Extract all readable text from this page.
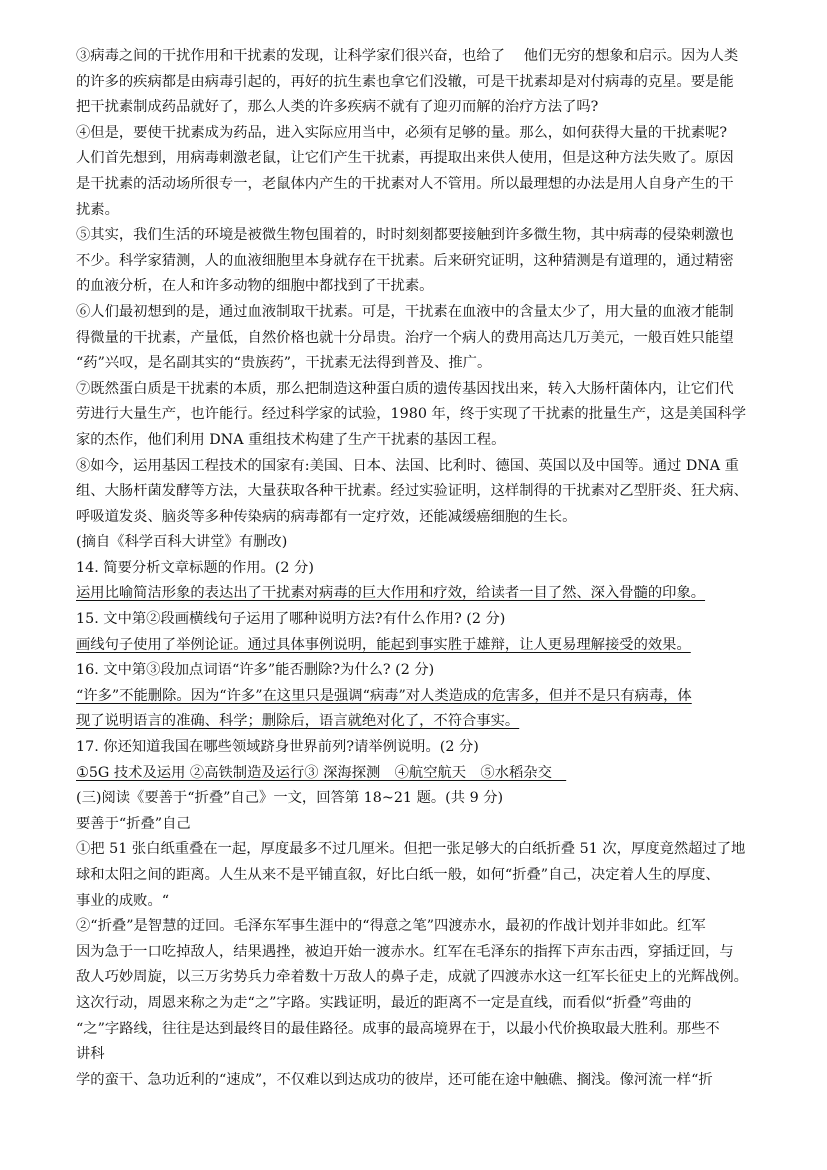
③病毒之间的干扰作用和干扰素的发现，让科学家们很兴奋，也给了　 他们无穷的想象和启示。因为人类
的许多的疾病都是由病毒引起的，再好的抗生素也拿它们没辙，可是干扰素却是对付病毒的克星。要是能
把干扰素制成药品就好了，那么人类的许多疾病不就有了迎刃而解的治疗方法了吗?
④但是，要使干扰素成为药品，进入实际应用当中，必须有足够的量。那么，如何获得大量的干扰素呢?
人们首先想到，用病毒刺激老鼠，让它们产生干扰素，再提取出来供人使用，但是这种方法失败了。原因
是干扰素的活动场所很专一，老鼠体内产生的干扰素对人不管用。所以最理想的办法是用人自身产生的干
扰素。
⑤其实，我们生活的环境是被微生物包围着的，时时刻刻都要接触到许多微生物，其中病毒的侵染刺激也
不少。科学家猜测，人的血液细胞里本身就存在干扰素。后来研究证明，这种猜测是有道理的，通过精密
的血液分析，在人和许多动物的细胞中都找到了干扰素。
⑥人们最初想到的是，通过血液制取干扰素。可是，干扰素在血液中的含量太少了，用大量的血液才能制
得微量的干扰素，产量低，自然价格也就十分昂贵。治疗一个病人的费用高达几万美元，一般百姓只能望
“药”兴叹，是名副其实的“贵族药”，干扰素无法得到普及、推广。
⑦既然蛋白质是干扰素的本质，那么把制造这种蛋白质的遗传基因找出来，转入大肠杆菌体内，让它们代
劳进行大量生产，也许能行。经过科学家的试验，1980 年，终于实现了干扰素的批量生产，这是美国科学
家的杰作，他们利用 DNA 重组技术构建了生产干扰素的基因工程。
⑧如今，运用基因工程技术的国家有:美国、日本、法国、比利时、德国、英国以及中国等。通过 DNA 重
组、大肠杆菌发酵等方法，大量获取各种干扰素。经过实验证明，这样制得的干扰素对乙型肝炎、狂犬病、
呼吸道发炎、脑炎等多种传染病的病毒都有一定疗效，还能减缓癌细胞的生长。
(摘自《科学百科大讲堂》有删改)
14. 简要分析文章标题的作用。(2 分)
运用比喻简洁形象的表达出了干扰素对病毒的巨大作用和疗效，给读者一目了然、深入骨髓的印象。
15. 文中第②段画横线句子运用了哪种说明方法?有什么作用? (2 分)
画线句子使用了举例论证。通过具体事例说明，能起到事实胜于雄辩，让人更易理解接受的效果。
16. 文中第③段加点词语“许多”能否删除?为什么? (2 分)
“许多”不能删除。因为“许多”在这里只是强调“病毒”对人类造成的危害多，但并不是只有病毒，体
现了说明语言的准确、科学；删除后，语言就绝对化了，不符合事实。
17. 你还知道我国在哪些领域跻身世界前列?请举例说明。(2 分)
①5G 技术及运用 ②高铁制造及运行③ 深海探测　④航空航天　⑤水稻杂交　
(三)阅读《要善于“折叠”自己》一文，回答第 18~21 题。(共 9 分)
要善于“折叠”自己
①把 51 张白纸重叠在一起，厚度最多不过几厘米。但把一张足够大的白纸折叠 51 次，厚度竟然超过了地
球和太阳之间的距离。人生从来不是平铺直叙，好比白纸一般，如何“折叠”自己，决定着人生的厚度、
事业的成败。“
②“折叠”是智慧的迂回。毛泽东军事生涯中的“得意之笔”四渡赤水，最初的作战计划并非如此。红军
因为急于一口吃掉敌人，结果遇挫，被迫开始一渡赤水。红军在毛泽东的指挥下声东击西，穿插迂回，与
敌人巧妙周旋，以三万劣势兵力牵着数十万敌人的鼻子走，成就了四渡赤水这一红军长征史上的光辉战例。
这次行动，周恩来称之为走“之”字路。实践证明，最近的距离不一定是直线，而看似“折叠”弯曲的
“之”字路线，往往是达到最终目的最佳路径。成事的最高境界在于，以最小代价换取最大胜利。那些不
讲科
学的蛮干、急功近利的“速成”，不仅难以到达成功的彼岸，还可能在途中触礁、搁浅。像河流一样“折
